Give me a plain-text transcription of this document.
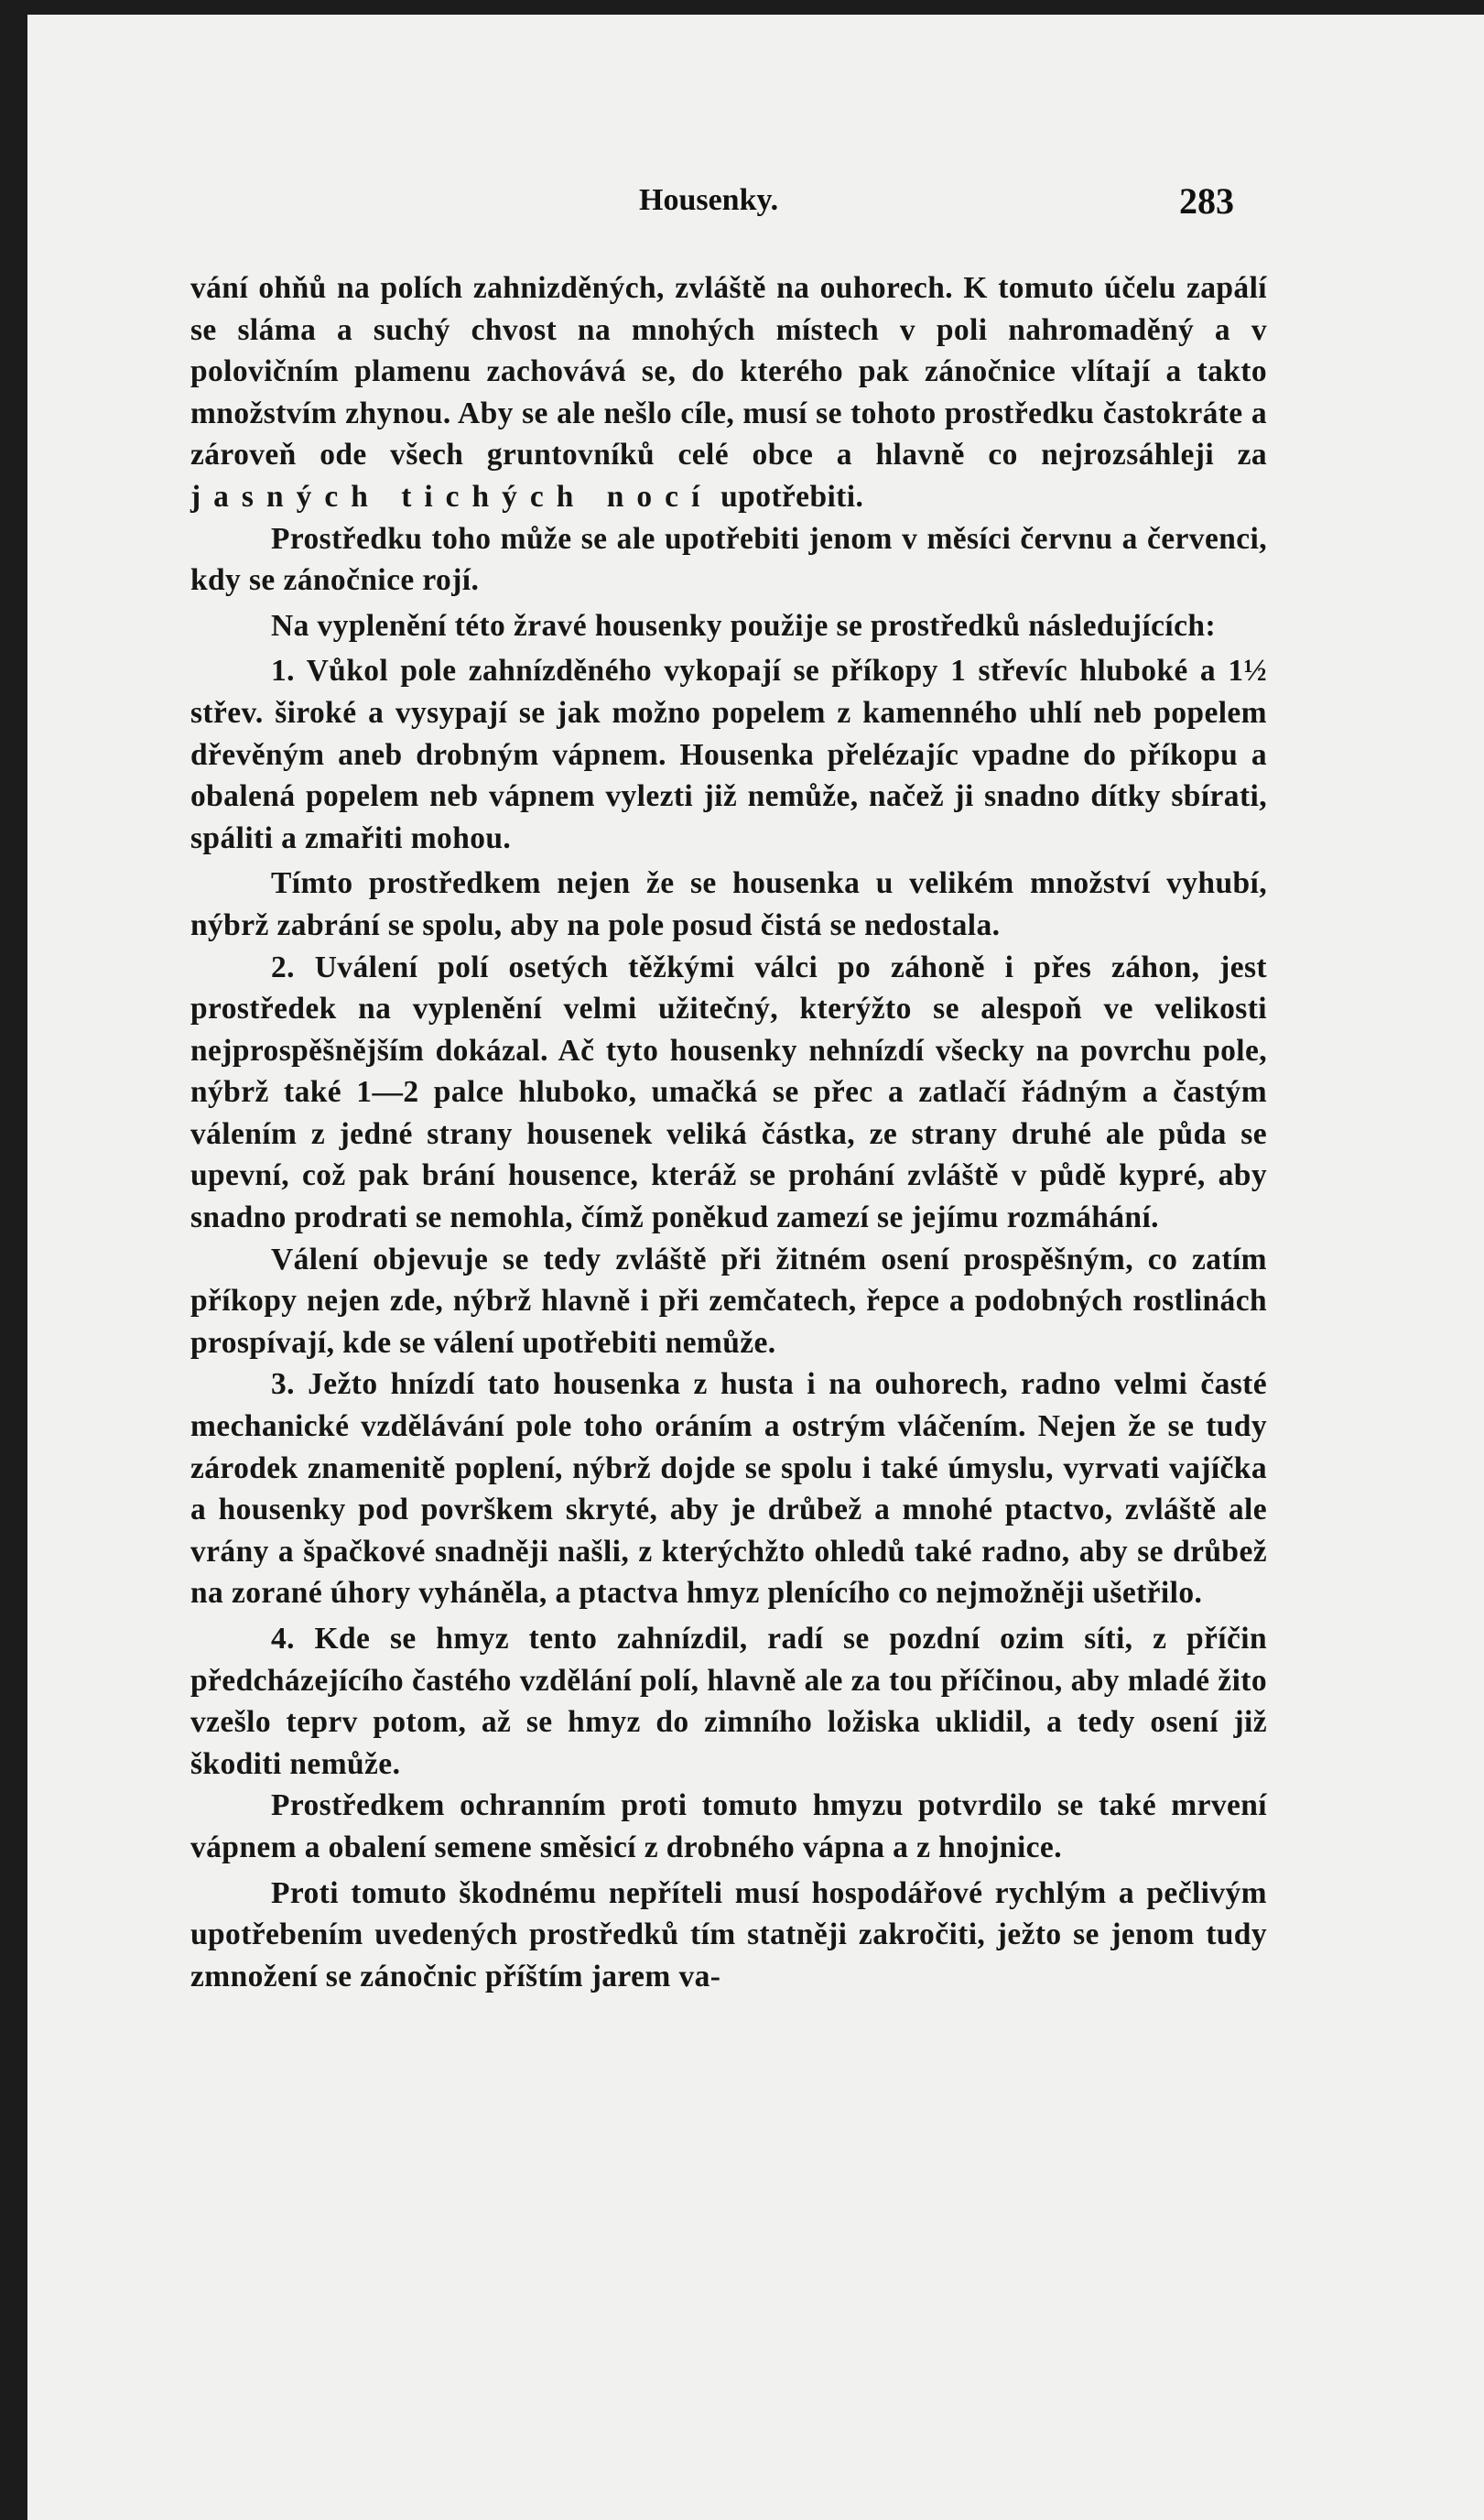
Housenky.	283

vání ohňů na polích zahnizděných, zvláště na ouhorech. K tomuto účelu zapálí se sláma a suchý chvost na mnohých místech v poli nahromaděný a v polovičním plamenu zachovává se, do kterého pak zánočnice vlítají a takto množstvím zhynou. Aby se ale nešlo cíle, musí se tohoto prostředku častokráte a zároveň ode všech gruntovníků celé obce a hlavně co nejrozsáhleji za jasných tichých nocí upotřebiti.

Prostředku toho může se ale upotřebiti jenom v měsíci červnu a červenci, kdy se zánočnice rojí.

Na vyplenění této žravé housenky použije se prostředků následujících:

1. Vůkol pole zahnízděného vykopají se příkopy 1 střevíc hluboké a 1½ střev. široké a vysypají se jak možno popelem z kamenného uhlí neb popelem dřevěným aneb drobným vápnem. Housenka přelézajíc vpadne do příkopu a obalená popelem neb vápnem vylezti již nemůže, načež ji snadno dítky sbírati, spáliti a zmařiti mohou.

Tímto prostředkem nejen že se housenka u velikém množství vyhubí, nýbrž zabrání se spolu, aby na pole posud čistá se nedostala.

2. Uválení polí osetých těžkými válci po záhoně i přes záhon, jest prostředek na vyplenění velmi užitečný, kterýžto se alespoň ve velikosti nejprospěšnějším dokázal. Ač tyto housenky nehnízdí všecky na povrchu pole, nýbrž také 1—2 palce hluboko, umačká se přec a zatlačí řádným a častým válením z jedné strany housenek veliká částka, ze strany druhé ale půda se upevní, což pak brání housence, kteráž se prohání zvláště v půdě kypré, aby snadno prodrati se nemohla, čímž poněkud zamezí se jejímu rozmáhání.

Válení objevuje se tedy zvláště při žitném osení prospěšným, co zatím příkopy nejen zde, nýbrž hlavně i při zemčatech, řepce a podobných rostlinách prospívají, kde se válení upotřebiti nemůže.

3. Ježto hnízdí tato housenka z husta i na ouhorech, radno velmi časté mechanické vzdělávání pole toho oráním a ostrým vláčením. Nejen že se tudy zárodek znamenitě poplení, nýbrž dojde se spolu i také úmyslu, vyrvati vajíčka a housenky pod površkem skryté, aby je drůbež a mnohé ptactvo, zvláště ale vrány a špačkové snadněji našli, z kterýchžto ohledů také radno, aby se drůbež na zorané úhory vyháněla, a ptactva hmyz plenícího co nejmožněji ušetřilo.

4. Kde se hmyz tento zahnízdil, radí se pozdní ozim síti, z příčin předcházejícího častého vzdělání polí, hlavně ale za tou příčinou, aby mladé žito vzešlo teprv potom, až se hmyz do zimního ložiska uklidil, a tedy osení již škoditi nemůže.

Prostředkem ochranním proti tomuto hmyzu potvrdilo se také mrvení vápnem a obalení semene směsicí z drobného vápna a z hnojnice.

Proti tomuto škodnému nepříteli musí hospodářové rychlým a pečlivým upotřebením uvedených prostředků tím statněji zakročiti, ježto se jenom tudy zmnožení se zánočnic příštím jarem va-
